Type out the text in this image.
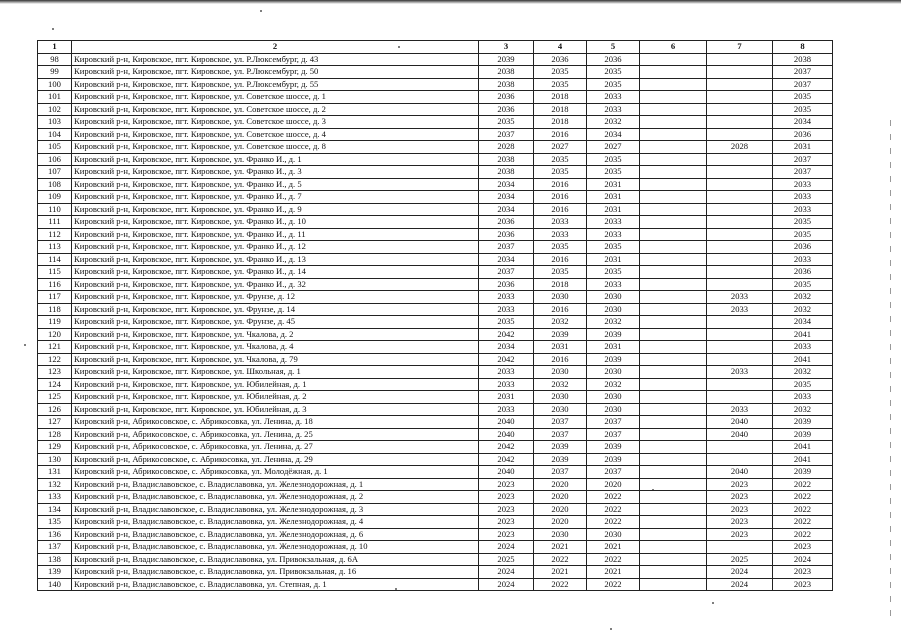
1	2	3	4	5	6	7	8
98	Кировский р-н, Кировское, пгт. Кировское, ул. Р.Люксембург, д. 43	2039	2036	2036			2038
99	Кировский р-н, Кировское, пгт. Кировское, ул. Р.Люксембург, д. 50	2038	2035	2035			2037
100	Кировский р-н, Кировское, пгт. Кировское, ул. Р.Люксембург, д. 55	2038	2035	2035			2037
101	Кировский р-н, Кировское, пгт. Кировское, ул. Советское шоссе, д. 1	2036	2018	2033			2035
102	Кировский р-н, Кировское, пгт. Кировское, ул. Советское шоссе, д. 2	2036	2018	2033			2035
103	Кировский р-н, Кировское, пгт. Кировское, ул. Советское шоссе, д. 3	2035	2018	2032			2034
104	Кировский р-н, Кировское, пгт. Кировское, ул. Советское шоссе, д. 4	2037	2016	2034			2036
105	Кировский р-н, Кировское, пгт. Кировское, ул. Советское шоссе, д. 8	2028	2027	2027		2028	2031
106	Кировский р-н, Кировское, пгт. Кировское, ул. Франко И., д. 1	2038	2035	2035			2037
107	Кировский р-н, Кировское, пгт. Кировское, ул. Франко И., д. 3	2038	2035	2035			2037
108	Кировский р-н, Кировское, пгт. Кировское, ул. Франко И., д. 5	2034	2016	2031			2033
109	Кировский р-н, Кировское, пгт. Кировское, ул. Франко И., д. 7	2034	2016	2031			2033
110	Кировский р-н, Кировское, пгт. Кировское, ул. Франко И., д. 9	2034	2016	2031			2033
111	Кировский р-н, Кировское, пгт. Кировское, ул. Франко И., д. 10	2036	2033	2033			2035
112	Кировский р-н, Кировское, пгт. Кировское, ул. Франко И., д. 11	2036	2033	2033			2035
113	Кировский р-н, Кировское, пгт. Кировское, ул. Франко И., д. 12	2037	2035	2035			2036
114	Кировский р-н, Кировское, пгт. Кировское, ул. Франко И., д. 13	2034	2016	2031			2033
115	Кировский р-н, Кировское, пгт. Кировское, ул. Франко И., д. 14	2037	2035	2035			2036
116	Кировский р-н, Кировское, пгт. Кировское, ул. Франко И., д. 32	2036	2018	2033			2035
117	Кировский р-н, Кировское, пгт. Кировское, ул. Фрунзе, д. 12	2033	2030	2030		2033	2032
118	Кировский р-н, Кировское, пгт. Кировское, ул. Фрунзе, д. 14	2033	2016	2030		2033	2032
119	Кировский р-н, Кировское, пгт. Кировское, ул. Фрунзе, д. 45	2035	2032	2032			2034
120	Кировский р-н, Кировское, пгт. Кировское, ул. Чкалова, д. 2	2042	2039	2039			2041
121	Кировский р-н, Кировское, пгт. Кировское, ул. Чкалова, д. 4	2034	2031	2031			2033
122	Кировский р-н, Кировское, пгт. Кировское, ул. Чкалова, д. 79	2042	2016	2039			2041
123	Кировский р-н, Кировское, пгт. Кировское, ул. Школьная, д. 1	2033	2030	2030		2033	2032
124	Кировский р-н, Кировское, пгт. Кировское, ул. Юбилейная, д. 1	2033	2032	2032			2035
125	Кировский р-н, Кировское, пгт. Кировское, ул. Юбилейная, д. 2	2031	2030	2030			2033
126	Кировский р-н, Кировское, пгт. Кировское, ул. Юбилейная, д. 3	2033	2030	2030		2033	2032
127	Кировский р-н, Абрикосовское, с. Абрикосовка, ул. Ленина, д. 18	2040	2037	2037		2040	2039
128	Кировский р-н, Абрикосовское, с. Абрикосовка, ул. Ленина, д. 25	2040	2037	2037		2040	2039
129	Кировский р-н, Абрикосовское, с. Абрикосовка, ул. Ленина, д. 27	2042	2039	2039			2041
130	Кировский р-н, Абрикосовское, с. Абрикосовка, ул. Ленина, д. 29	2042	2039	2039			2041
131	Кировский р-н, Абрикосовское, с. Абрикосовка, ул. Молодёжная, д. 1	2040	2037	2037		2040	2039
132	Кировский р-н, Владиславовское, с. Владиславовка, ул. Железнодорожная, д. 1	2023	2020	2020		2023	2022
133	Кировский р-н, Владиславовское, с. Владиславовка, ул. Железнодорожная, д. 2	2023	2020	2022		2023	2022
134	Кировский р-н, Владиславовское, с. Владиславовка, ул. Железнодорожная, д. 3	2023	2020	2022		2023	2022
135	Кировский р-н, Владиславовское, с. Владиславовка, ул. Железнодорожная, д. 4	2023	2020	2022		2023	2022
136	Кировский р-н, Владиславовское, с. Владиславовка, ул. Железнодорожная, д. 6	2023	2030	2030		2023	2022
137	Кировский р-н, Владиславовское, с. Владиславовка, ул. Железнодорожная, д. 10	2024	2021	2021			2023
138	Кировский р-н, Владиславовское, с. Владиславовка, ул. Привокзальная, д. 6А	2025	2022	2022		2025	2024
139	Кировский р-н, Владиславовское, с. Владиславовка, ул. Привокзальная, д. 16	2024	2021	2021		2024	2023
140	Кировский р-н, Владиславовское, с. Владиславовка, ул. Степная, д. 1	2024	2022	2022		2024	2023
